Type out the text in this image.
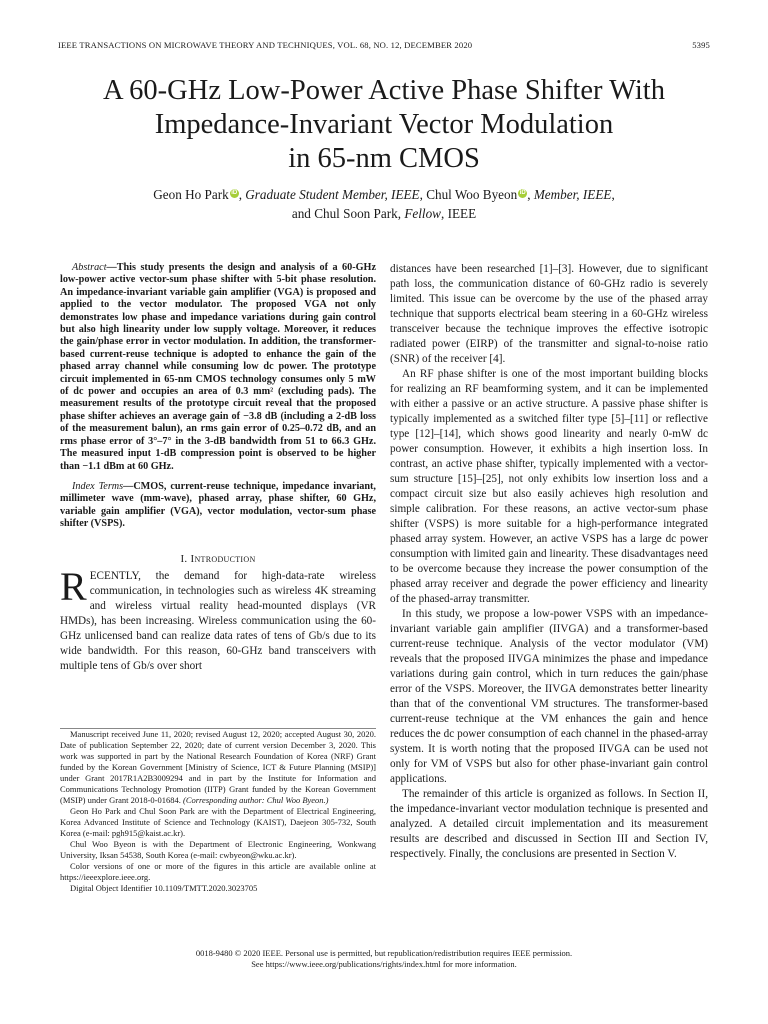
IEEE TRANSACTIONS ON MICROWAVE THEORY AND TECHNIQUES, VOL. 68, NO. 12, DECEMBER 2020	5395
A 60-GHz Low-Power Active Phase Shifter With
Impedance-Invariant Vector Modulation
in 65-nm CMOS
Geon Ho Park iD , Graduate Student Member, IEEE, Chul Woo Byeon iD , Member, IEEE,
and Chul Soon Park, Fellow, IEEE

Abstract—This study presents the design and analysis of a 60-GHz low-power active vector-sum phase shifter with 5-bit phase resolution. An impedance-invariant variable gain amplifier (VGA) is proposed and applied to the vector modulator. The proposed VGA not only demonstrates low phase and impedance variations during gain control but also high linearity under low supply voltage. Moreover, it reduces the gain/phase error in vector modulation. In addition, the transformer-based current-reuse technique is adopted to enhance the gain of the phased array channel while consuming low dc power. The prototype circuit implemented in 65-nm CMOS technology consumes only 5 mW of dc power and occupies an area of 0.3 mm² (excluding pads). The measurement results of the prototype circuit reveal that the proposed phase shifter achieves an average gain of −3.8 dB (including a 2-dB loss of the measurement balun), an rms gain error of 0.25–0.72 dB, and an rms phase error of 3°–7° in the 3-dB bandwidth from 51 to 66.3 GHz. The measured input 1-dB compression point is observed to be higher than −1.1 dBm at 60 GHz.

Index Terms—CMOS, current-reuse technique, impedance invariant, millimeter wave (mm-wave), phased array, phase shifter, 60 GHz, variable gain amplifier (VGA), vector modulation, vector-sum phase shifter (VSPS).

I. Introduction

RECENTLY, the demand for high-data-rate wireless communication, in technologies such as wireless 4K streaming and wireless virtual reality head-mounted displays (VR HMDs), has been increasing. Wireless communication using the 60-GHz unlicensed band can realize data rates of tens of Gb/s due to its wide bandwidth. For this reason, 60-GHz band transceivers with multiple tens of Gb/s over short

Manuscript received June 11, 2020; revised August 12, 2020; accepted August 30, 2020. Date of publication September 22, 2020; date of current version December 3, 2020. This work was supported in part by the National Research Foundation of Korea (NRF) Grant funded by the Korean Government [Ministry of Science, ICT & Future Planning (MSIP)] under Grant 2017R1A2B3009294 and in part by the Institute for Information and Communications Technology Promotion (IITP) Grant funded by the Korean Government (MSIP) under Grant 2018-0-01684. (Corresponding author: Chul Woo Byeon.)

Geon Ho Park and Chul Soon Park are with the Department of Electrical Engineering, Korea Advanced Institute of Science and Technology (KAIST), Daejeon 305-732, South Korea (e-mail: pgh915@kaist.ac.kr).

Chul Woo Byeon is with the Department of Electronic Engineering, Wonkwang University, Iksan 54538, South Korea (e-mail: cwbyeon@wku.ac.kr).

Color versions of one or more of the figures in this article are available online at https://ieeexplore.ieee.org.

Digital Object Identifier 10.1109/TMTT.2020.3023705

distances have been researched [1]–[3]. However, due to significant path loss, the communication distance of 60-GHz radio is severely limited. This issue can be overcome by the use of the phased array technique that supports electrical beam steering in a 60-GHz wireless transceiver because the technique improves the effective isotropic radiated power (EIRP) of the transmitter and signal-to-noise ratio (SNR) of the receiver [4].

An RF phase shifter is one of the most important building blocks for realizing an RF beamforming system, and it can be implemented with either a passive or an active structure. A passive phase shifter is typically implemented as a switched filter type [5]–[11] or reflective type [12]–[14], which shows good linearity and nearly 0-mW dc power consumption. However, it exhibits a high insertion loss. In contrast, an active phase shifter, typically implemented with a vector-sum structure [15]–[25], not only exhibits low insertion loss and a compact circuit size but also easily achieves high resolution and simple calibration. For these reasons, an active vector-sum phase shifter (VSPS) is more suitable for a high-performance integrated phased array system. However, an active VSPS has a large dc power consumption with limited gain and linearity. These disadvantages need to be overcome because they increase the power consumption of the phased array receiver and degrade the power efficiency and linearity of the phased-array transmitter.

In this study, we propose a low-power VSPS with an impedance-invariant variable gain amplifier (IIVGA) and a transformer-based current-reuse technique. Analysis of the vector modulator (VM) reveals that the proposed IIVGA minimizes the phase and impedance variations during gain control, which in turn reduces the gain/phase error of the VSPS. Moreover, the IIVGA demonstrates better linearity than that of the conventional VM structures. The transformer-based current-reuse technique at the VM enhances the gain and hence reduces the dc power consumption of each channel in the phased-array system. It is worth noting that the proposed IIVGA can be used not only for VM of VSPS but also for other phase-invariant gain control applications.

The remainder of this article is organized as follows. In Section II, the impedance-invariant vector modulation technique is presented and analyzed. A detailed circuit implementation and its measurement results are described and discussed in Section III and Section IV, respectively. Finally, the conclusions are presented in Section V.

0018-9480 © 2020 IEEE. Personal use is permitted, but republication/redistribution requires IEEE permission.
See https://www.ieee.org/publications/rights/index.html for more information.
